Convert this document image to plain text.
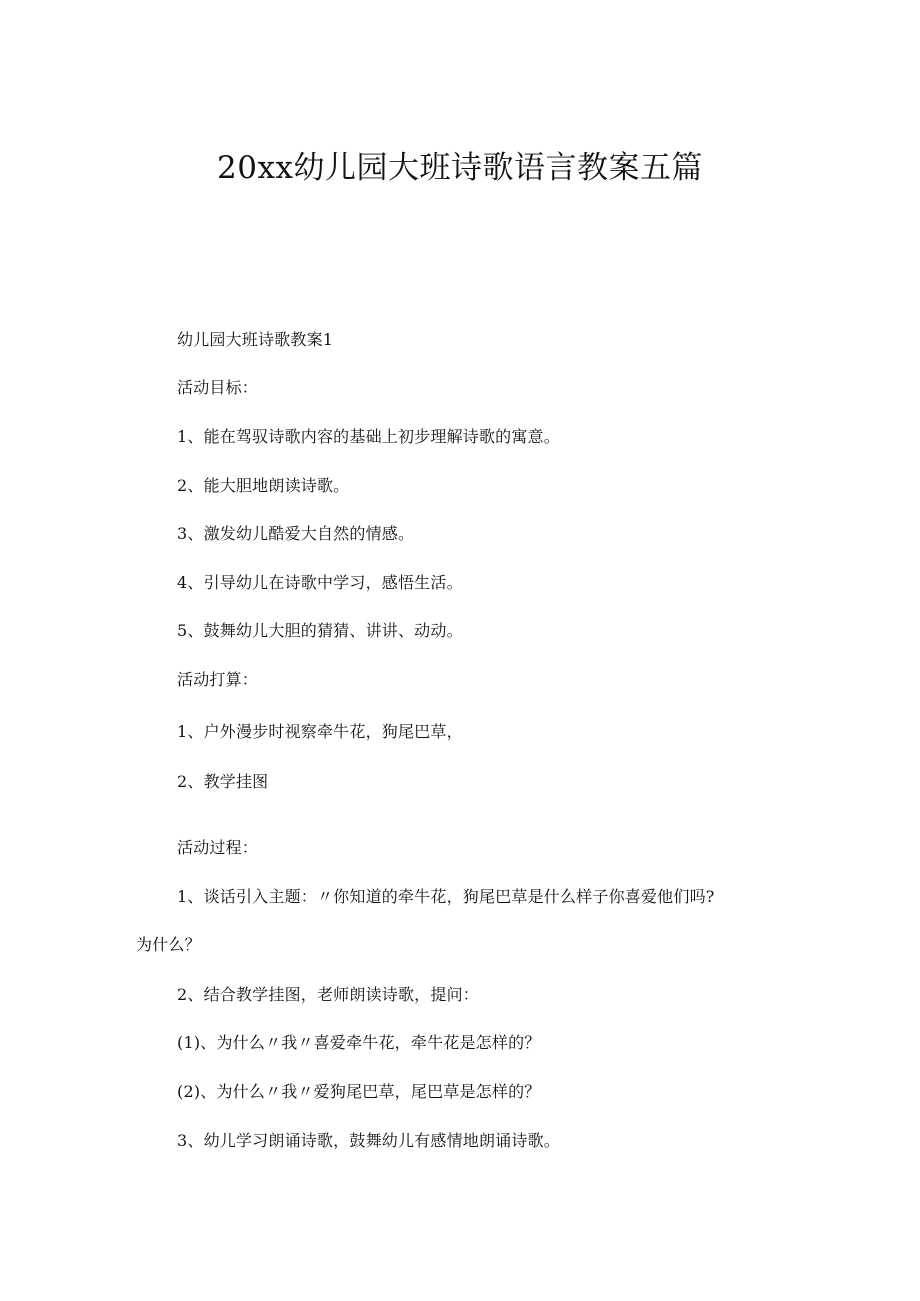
20xx幼儿园大班诗歌语言教案五篇
幼儿园大班诗歌教案1
活动目标：
1、能在驾驭诗歌内容的基础上初步理解诗歌的寓意。
2、能大胆地朗读诗歌。
3、激发幼儿酷爱大自然的情感。
4、引导幼儿在诗歌中学习，感悟生活。
5、鼓舞幼儿大胆的猜猜、讲讲、动动。
活动打算：
1、户外漫步时视察牵牛花，狗尾巴草，
2、教学挂图
活动过程：
1、谈话引入主题：〃你知道的牵牛花，狗尾巴草是什么样子你喜爱他们吗?
为什么？
2、结合教学挂图，老师朗读诗歌，提问：
(1)、为什么〃我〃喜爱牵牛花，牵牛花是怎样的？
(2)、为什么〃我〃爱狗尾巴草，尾巴草是怎样的？
3、幼儿学习朗诵诗歌，鼓舞幼儿有感情地朗诵诗歌。
